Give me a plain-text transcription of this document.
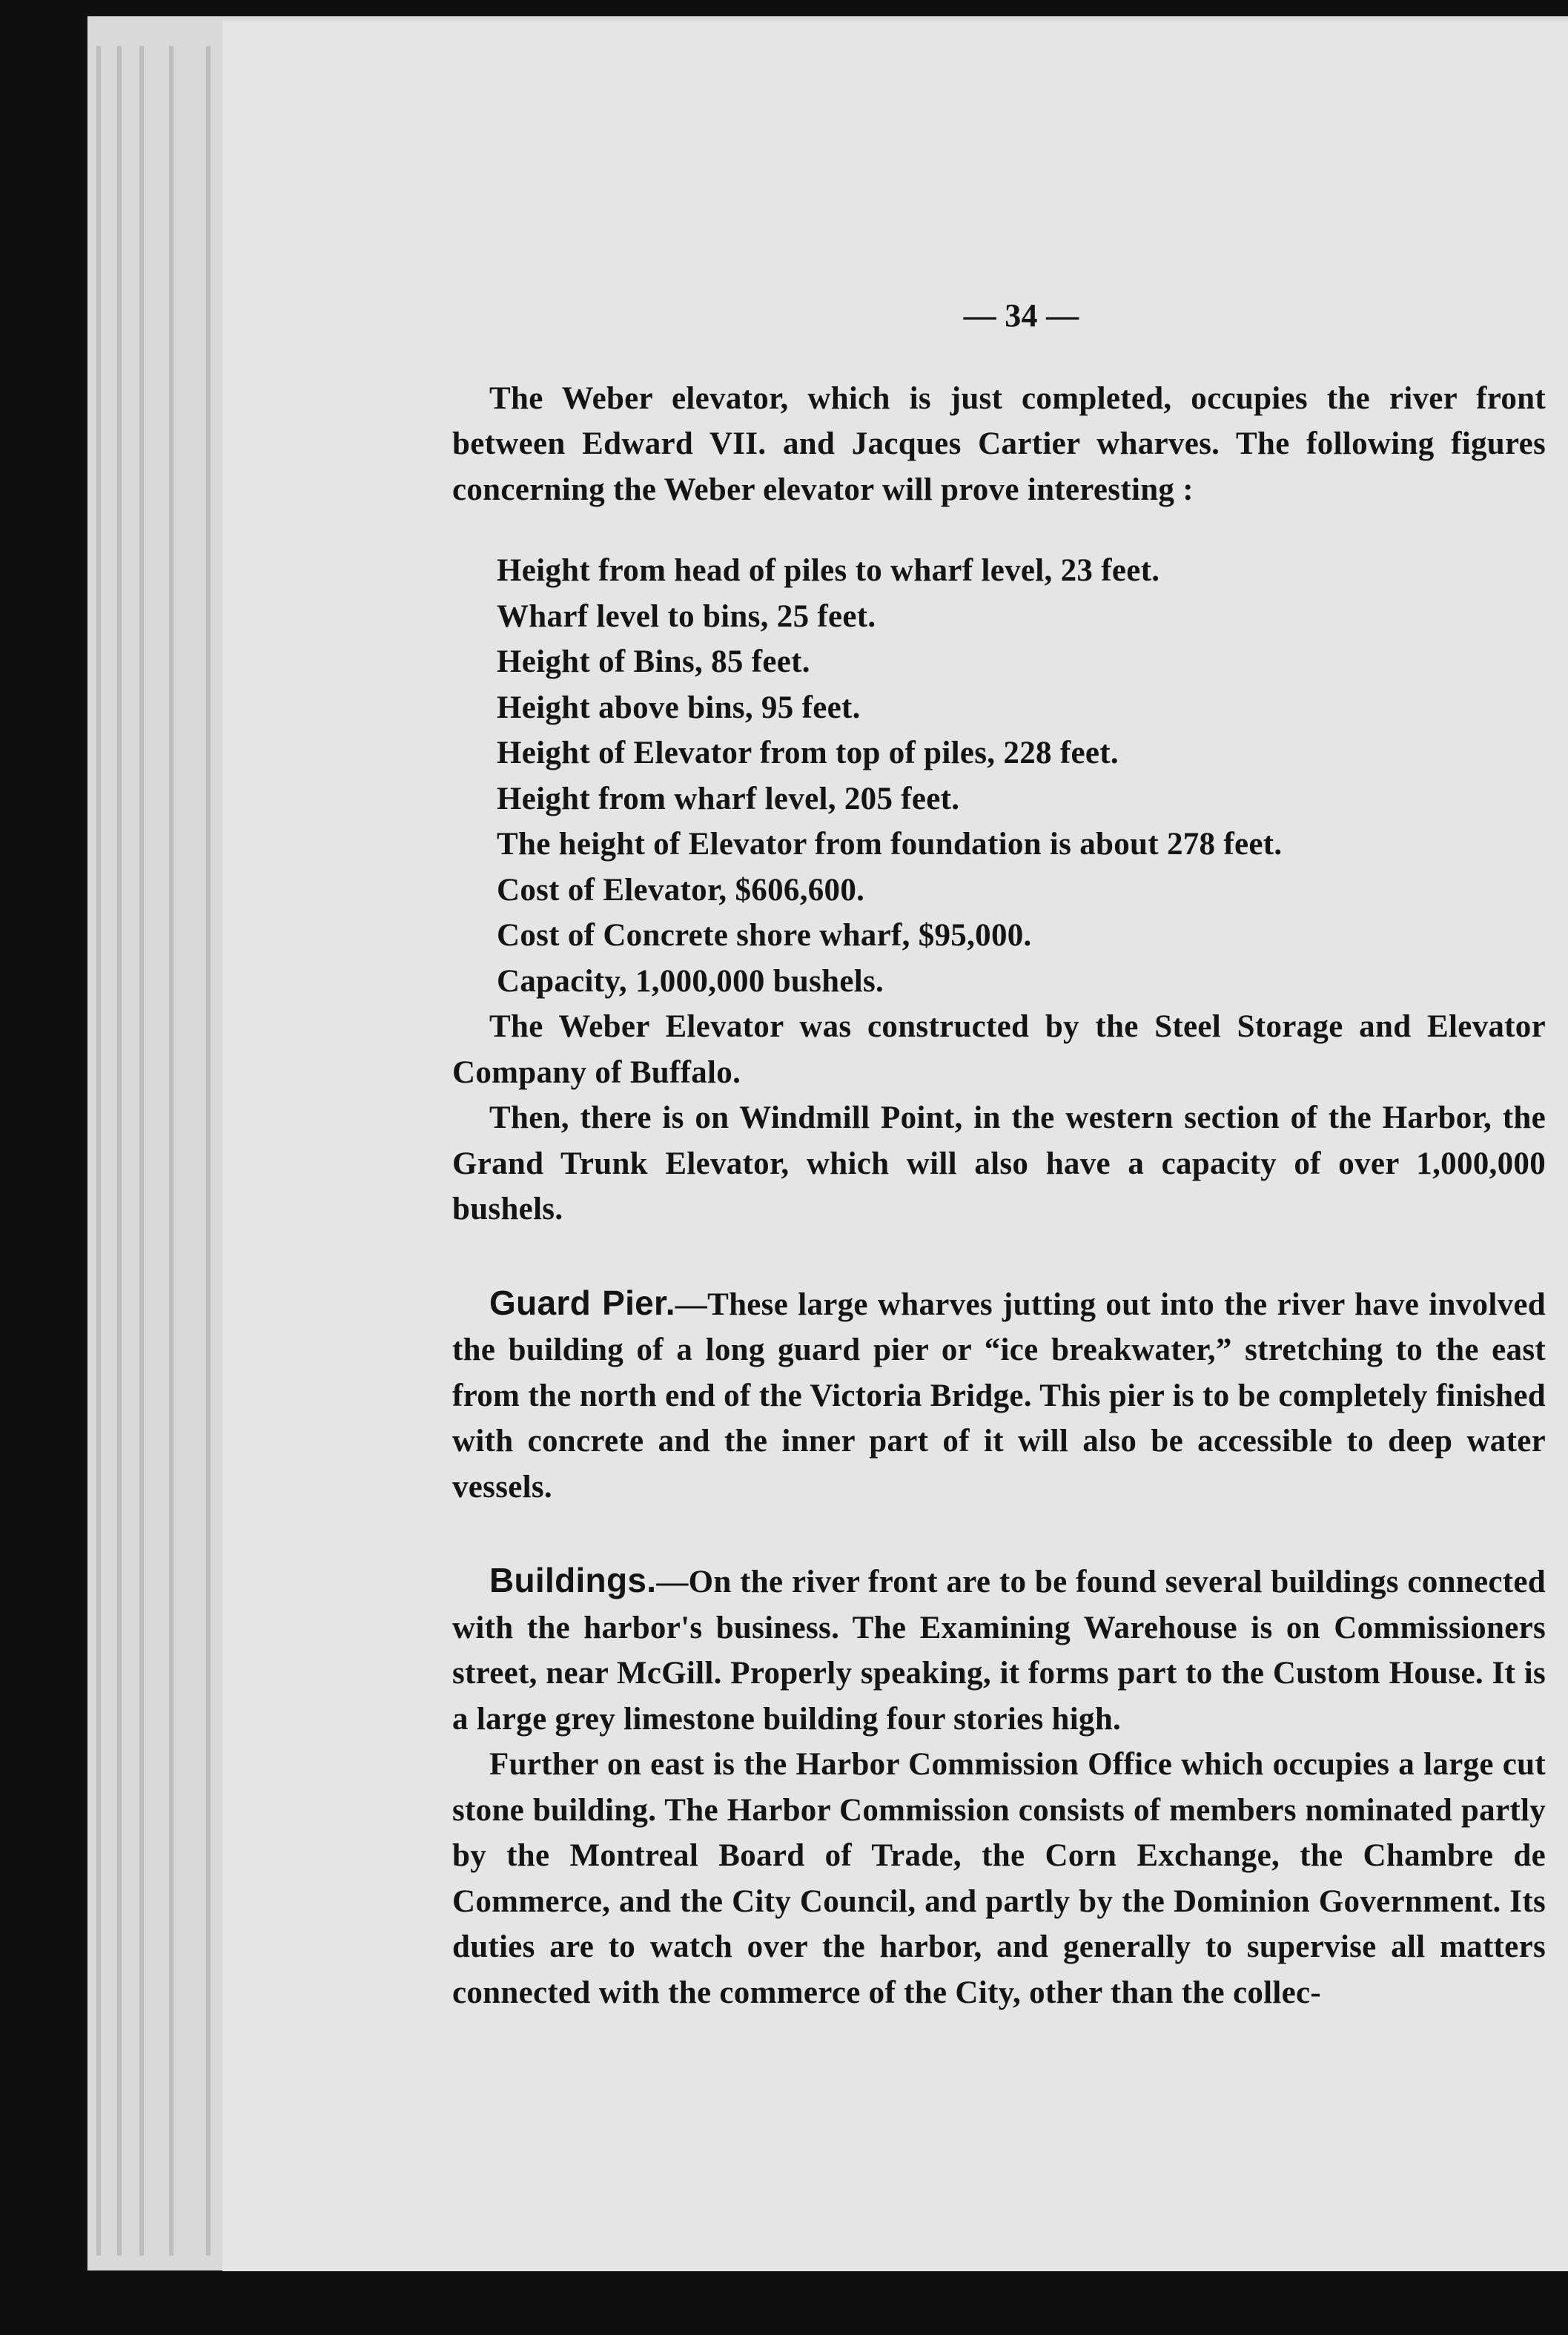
— 34 —

The Weber elevator, which is just completed, occupies the river front between Edward VII. and Jacques Cartier wharves. The following figures concerning the Weber elevator will prove interesting :

Height from head of piles to wharf level, 23 feet.
Wharf level to bins, 25 feet.
Height of Bins, 85 feet.
Height above bins, 95 feet.
Height of Elevator from top of piles, 228 feet.
Height from wharf level, 205 feet.
The height of Elevator from foundation is about 278 feet.
Cost of Elevator, $606,600.
Cost of Concrete shore wharf, $95,000.
Capacity, 1,000,000 bushels.

The Weber Elevator was constructed by the Steel Storage and Elevator Company of Buffalo.

Then, there is on Windmill Point, in the western section of the Harbor, the Grand Trunk Elevator, which will also have a capacity of over 1,000,000 bushels.

Guard Pier.—These large wharves jutting out into the river have involved the building of a long guard pier or “ice breakwater,” stretching to the east from the north end of the Victoria Bridge. This pier is to be completely finished with concrete and the inner part of it will also be accessible to deep water vessels.

Buildings.—On the river front are to be found several buildings connected with the harbor's business. The Examining Warehouse is on Commissioners street, near McGill. Properly speaking, it forms part to the Custom House. It is a large grey limestone building four stories high.

Further on east is the Harbor Commission Office which occupies a large cut stone building. The Harbor Commission consists of members nominated partly by the Montreal Board of Trade, the Corn Exchange, the Chambre de Commerce, and the City Council, and partly by the Dominion Government. Its duties are to watch over the harbor, and generally to supervise all matters connected with the commerce of the City, other than the collec-
